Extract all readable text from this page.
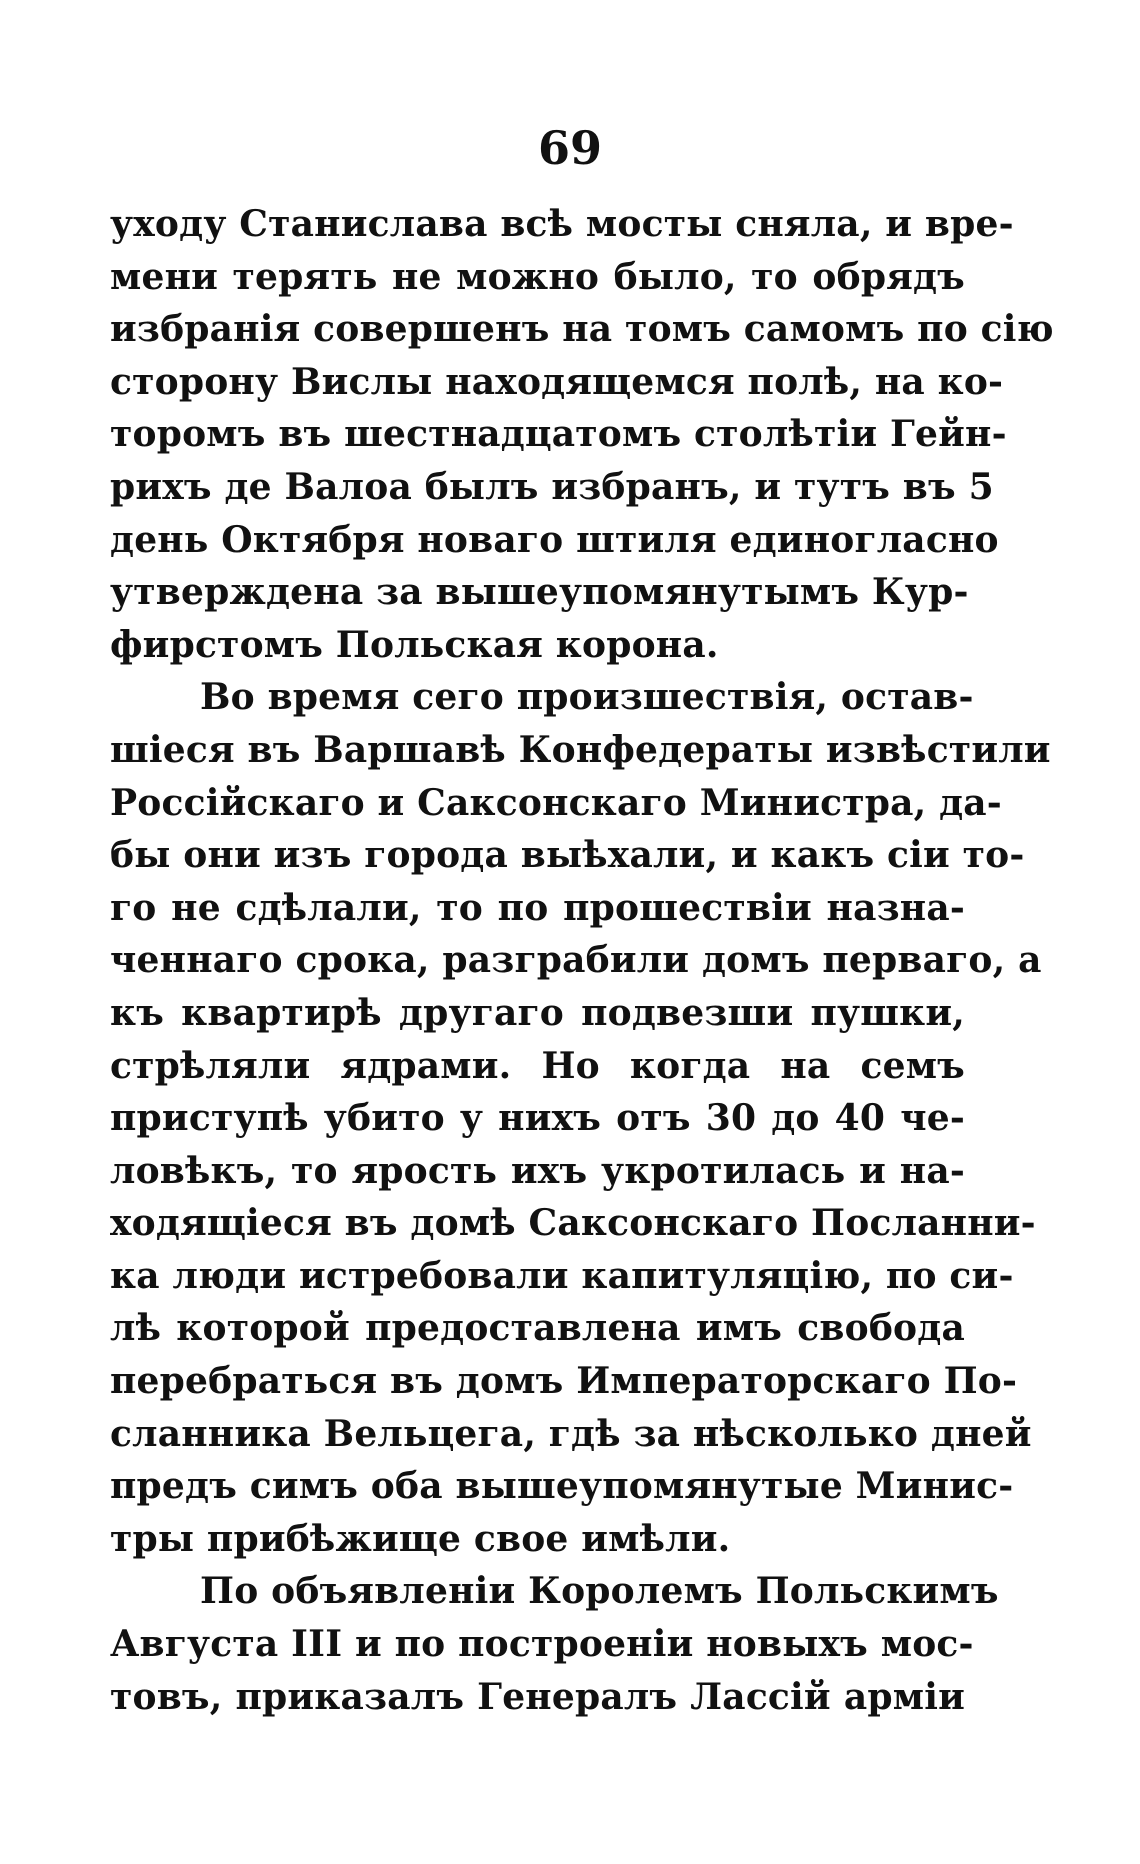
69
уходу Станислава всѣ мосты сняла, и вре-
мени терять не можно было, то обрядъ
избранія совершенъ на томъ самомъ по сію
сторону Вислы находящемся полѣ, на ко-
торомъ въ шестнадцатомъ столѣтіи Гейн-
рихъ де Валоа былъ избранъ, и тутъ въ 5
день Октября новаго штиля единогласно
утверждена за вышеупомянутымъ Кур-
фирстомъ Польская корона.
Во время сего произшествія, остав-
шіеся въ Варшавѣ Конфедераты извѣстили
Россійскаго и Саксонскаго Министра, да-
бы они изъ города выѣхали, и какъ сіи то-
го не сдѣлали, то по прошествіи назна-
ченнаго срока, разграбили домъ перваго, а
къ квартирѣ другаго подвезши пушки,
стрѣляли ядрами. Но когда на семъ
приступѣ убито у нихъ отъ 30 до 40 че-
ловѣкъ, то ярость ихъ укротилась и на-
ходящіеся въ домѣ Саксонскаго Посланни-
ка люди истребовали капитуляцію, по си-
лѣ которой предоставлена имъ свобода
перебраться въ домъ Императорскаго По-
сланника Вельцега, гдѣ за нѣсколько дней
предъ симъ оба вышеупомянутые Минис-
тры прибѣжище свое имѣли.
По объявленіи Королемъ Польскимъ
Августа III и по построеніи новыхъ мос-
товъ, приказалъ Генералъ Лассій арміи
